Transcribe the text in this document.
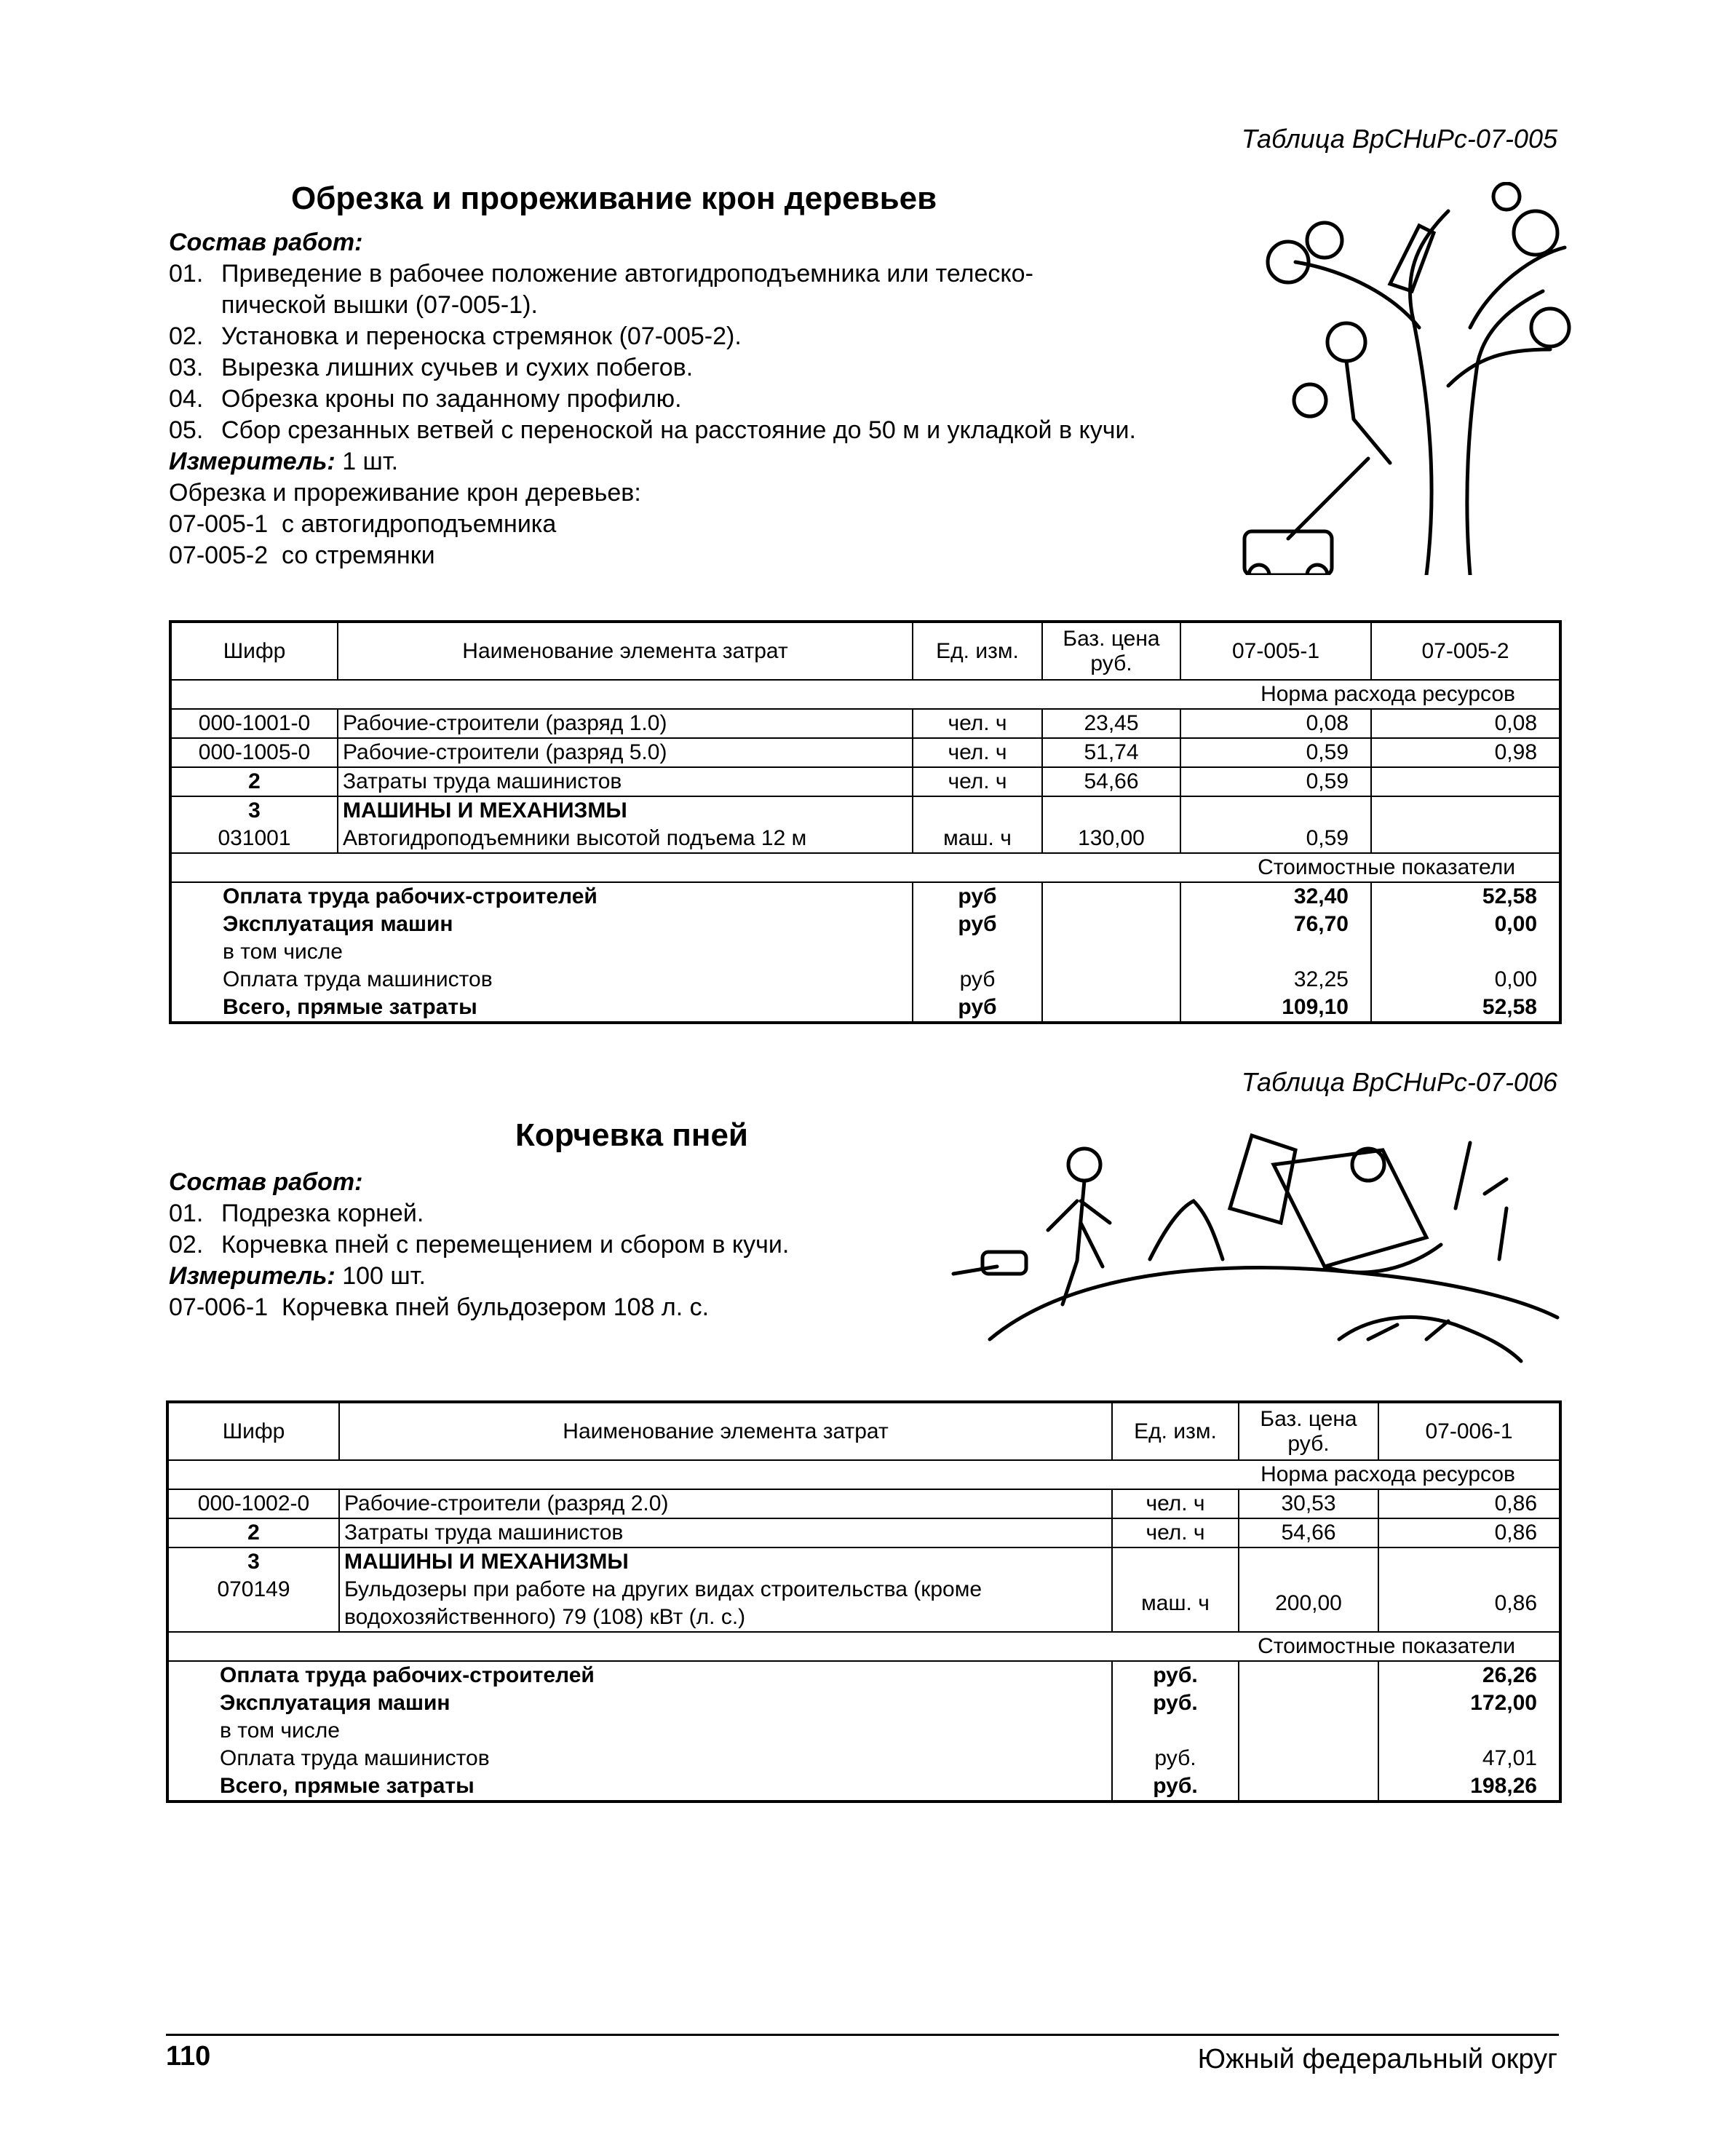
Таблица ВрСНиРс-07-005
Обрезка и прореживание крон деревьев
Состав работ:
01. Приведение в рабочее положение автогидроподъемника или телеско-пической вышки (07-005-1).
02. Установка и переноска стремянок (07-005-2).
03. Вырезка лишних сучьев и сухих побегов.
04. Обрезка кроны по заданному профилю.
05. Сбор срезанных ветвей с переноской на расстояние до 50 м и укладкой в кучи.
Измеритель: 1 шт.
Обрезка и прореживание крон деревьев:
07-005-1 с автогидроподъемника
07-005-2 со стремянки
Шифр	Наименование элемента затрат	Ед. изм.	Баз. цена руб.	07-005-1	07-005-2
Норма расхода ресурсов					
000-1001-0	Рабочие-строители (разряд 1.0)	чел. ч	23,45	0,08	0,08
000-1005-0	Рабочие-строители (разряд 5.0)	чел. ч	51,74	0,59	0,98
2	Затраты труда машинистов	чел. ч	54,66	0,59	
3	МАШИНЫ И МЕХАНИЗМЫ				
031001	Автогидроподъемники высотой подъема 12 м	маш. ч	130,00	0,59	
Стоимостные показатели					
Оплата труда рабочих-строителей		руб		32,40	52,58
Эксплуатация машин		руб		76,70	0,00
в том числе					
Оплата труда машинистов		руб		32,25	0,00
Всего, прямые затраты		руб		109,10	52,58
Таблица ВрСНиРс-07-006
Корчевка пней
Состав работ:
01. Подрезка корней.
02. Корчевка пней с перемещением и сбором в кучи.
Измеритель: 100 шт.
07-006-1 Корчевка пней бульдозером 108 л. с.
Шифр	Наименование элемента затрат	Ед. изм.	Баз. цена руб.	07-006-1
Норма расхода ресурсов				
000-1002-0	Рабочие-строители (разряд 2.0)	чел. ч	30,53	0,86
2	Затраты труда машинистов	чел. ч	54,66	0,86
3	МАШИНЫ И МЕХАНИЗМЫ			
070149	Бульдозеры при работе на других видах строительства (кроме водохозяйственного) 79 (108) кВт (л. с.)	маш. ч	200,00	0,86
Стоимостные показатели				
Оплата труда рабочих-строителей		руб.		26,26
Эксплуатация машин		руб.		172,00
в том числе				
Оплата труда машинистов		руб.		47,01
Всего, прямые затраты		руб.		198,26
110	Южный федеральный округ
